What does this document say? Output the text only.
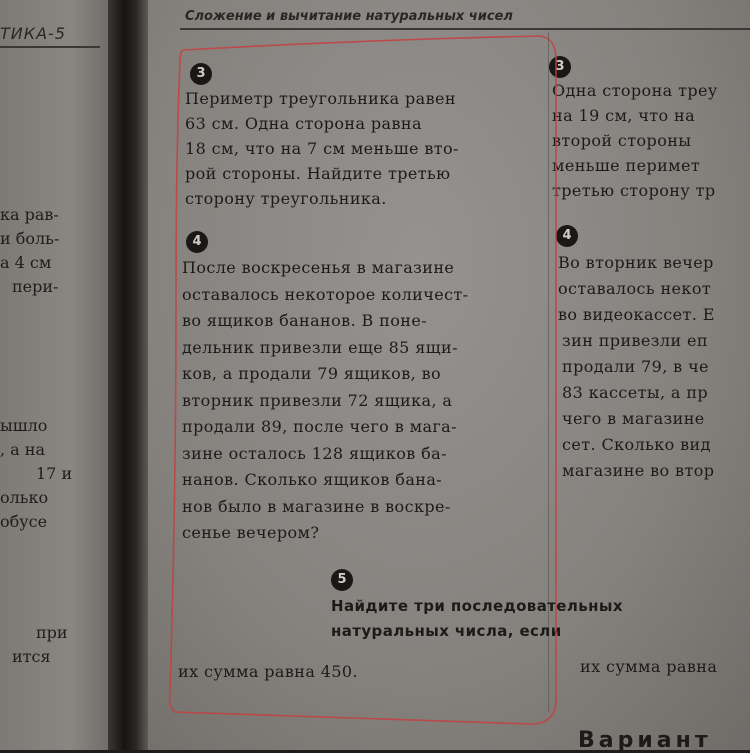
ТИКА-5
ка рав-
и боль-
а 4 см
пери-
ышло
, а на
17 и
олько
обусе
при
ится
Сложение и вычитание натуральных чисел
3
Периметр треугольника равен
63 см. Одна сторона равна
18 см, что на 7 см меньше вто-
рой стороны. Найдите третью
сторону треугольника.
4
После воскресенья в магазине
оставалось некоторое количест-
во ящиков бананов. В поне-
дельник привезли еще 85 ящи-
ков, а продали 79 ящиков, во
вторник привезли 72 ящика, а
продали 89, после чего в мага-
зине осталось 128 ящиков ба-
нанов. Сколько ящиков бана-
нов было в магазине в воскре-
сенье вечером?
5
Найдите три последовательных
натуральных числа, если
их сумма равна 450.	их сумма равна
3
Одна сторона треу
на 19 см, что на
второй стороны
меньше перимет
третью сторону тр
4
Во вторник вечер
оставалось некот
во видеокассет. Е
зин привезли еп
продали 79, в че
83 кассеты, а пр
чего в магазине
сет. Сколько вид
магазине во втор
Вариант
